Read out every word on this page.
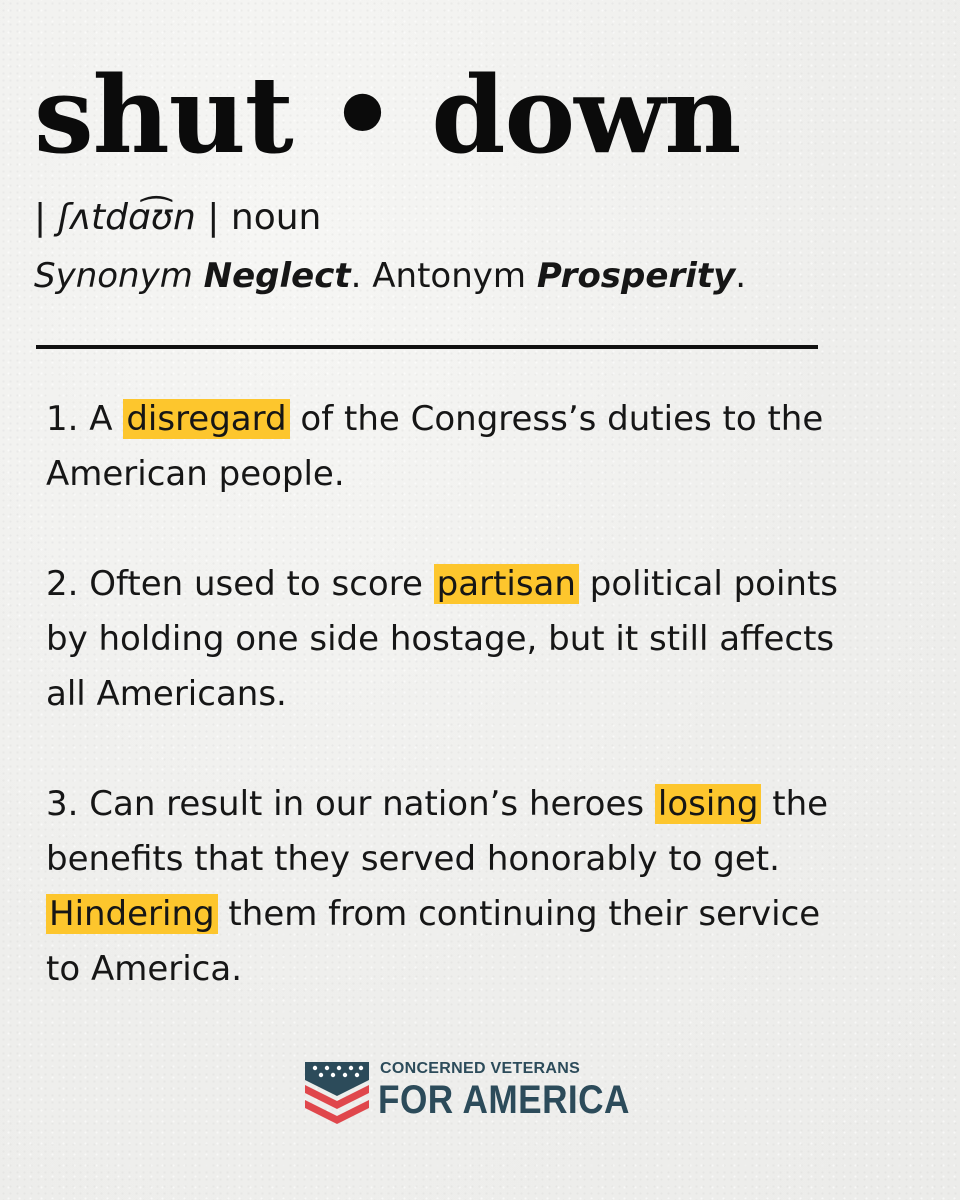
shut • down
| ʃʌtdɑ͡ʊn | noun
Synonym Neglect. Antonym Prosperity.

1. A disregard of the Congress’s duties to the American people.

2. Often used to score partisan political points by holding one side hostage, but it still affects all Americans.

3. Can result in our nation’s heroes losing the benefits that they served honorably to get. Hindering them from continuing their service to America.

CONCERNED VETERANS
FOR AMERICA
